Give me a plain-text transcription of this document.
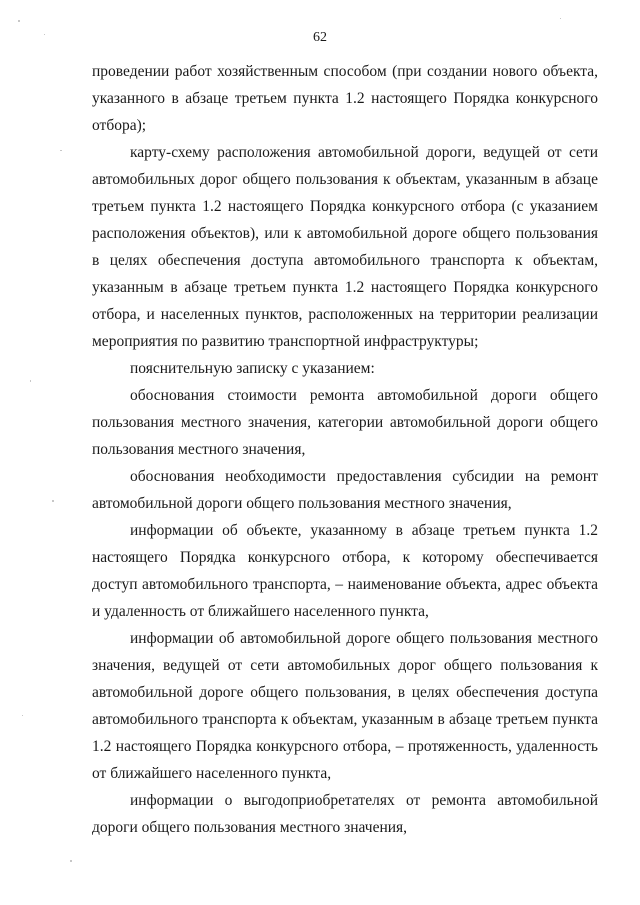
62

проведении работ хозяйственным способом (при создании нового объекта, указанного в абзаце третьем пункта 1.2 настоящего Порядка конкурсного отбора);

карту-схему расположения автомобильной дороги, ведущей от сети автомобильных дорог общего пользования к объектам, указанным в абзаце третьем пункта 1.2 настоящего Порядка конкурсного отбора (с указанием расположения объектов), или к автомобильной дороге общего пользования в целях обеспечения доступа автомобильного транспорта к объектам, указанным в абзаце третьем пункта 1.2 настоящего Порядка конкурсного отбора, и населенных пунктов, расположенных на территории реализации мероприятия по развитию транспортной инфраструктуры;

пояснительную записку с указанием:

обоснования стоимости ремонта автомобильной дороги общего пользования местного значения, категории автомобильной дороги общего пользования местного значения,

обоснования необходимости предоставления субсидии на ремонт автомобильной дороги общего пользования местного значения,

информации об объекте, указанному в абзаце третьем пункта 1.2 настоящего Порядка конкурсного отбора, к которому обеспечивается доступ автомобильного транспорта, – наименование объекта, адрес объекта и удаленность от ближайшего населенного пункта,

информации об автомобильной дороге общего пользования местного значения, ведущей от сети автомобильных дорог общего пользования к автомобильной дороге общего пользования, в целях обеспечения доступа автомобильного транспорта к объектам, указанным в абзаце третьем пункта 1.2 настоящего Порядка конкурсного отбора, – протяженность, удаленность от ближайшего населенного пункта,

информации о выгодоприобретателях от ремонта автомобильной дороги общего пользования местного значения,
